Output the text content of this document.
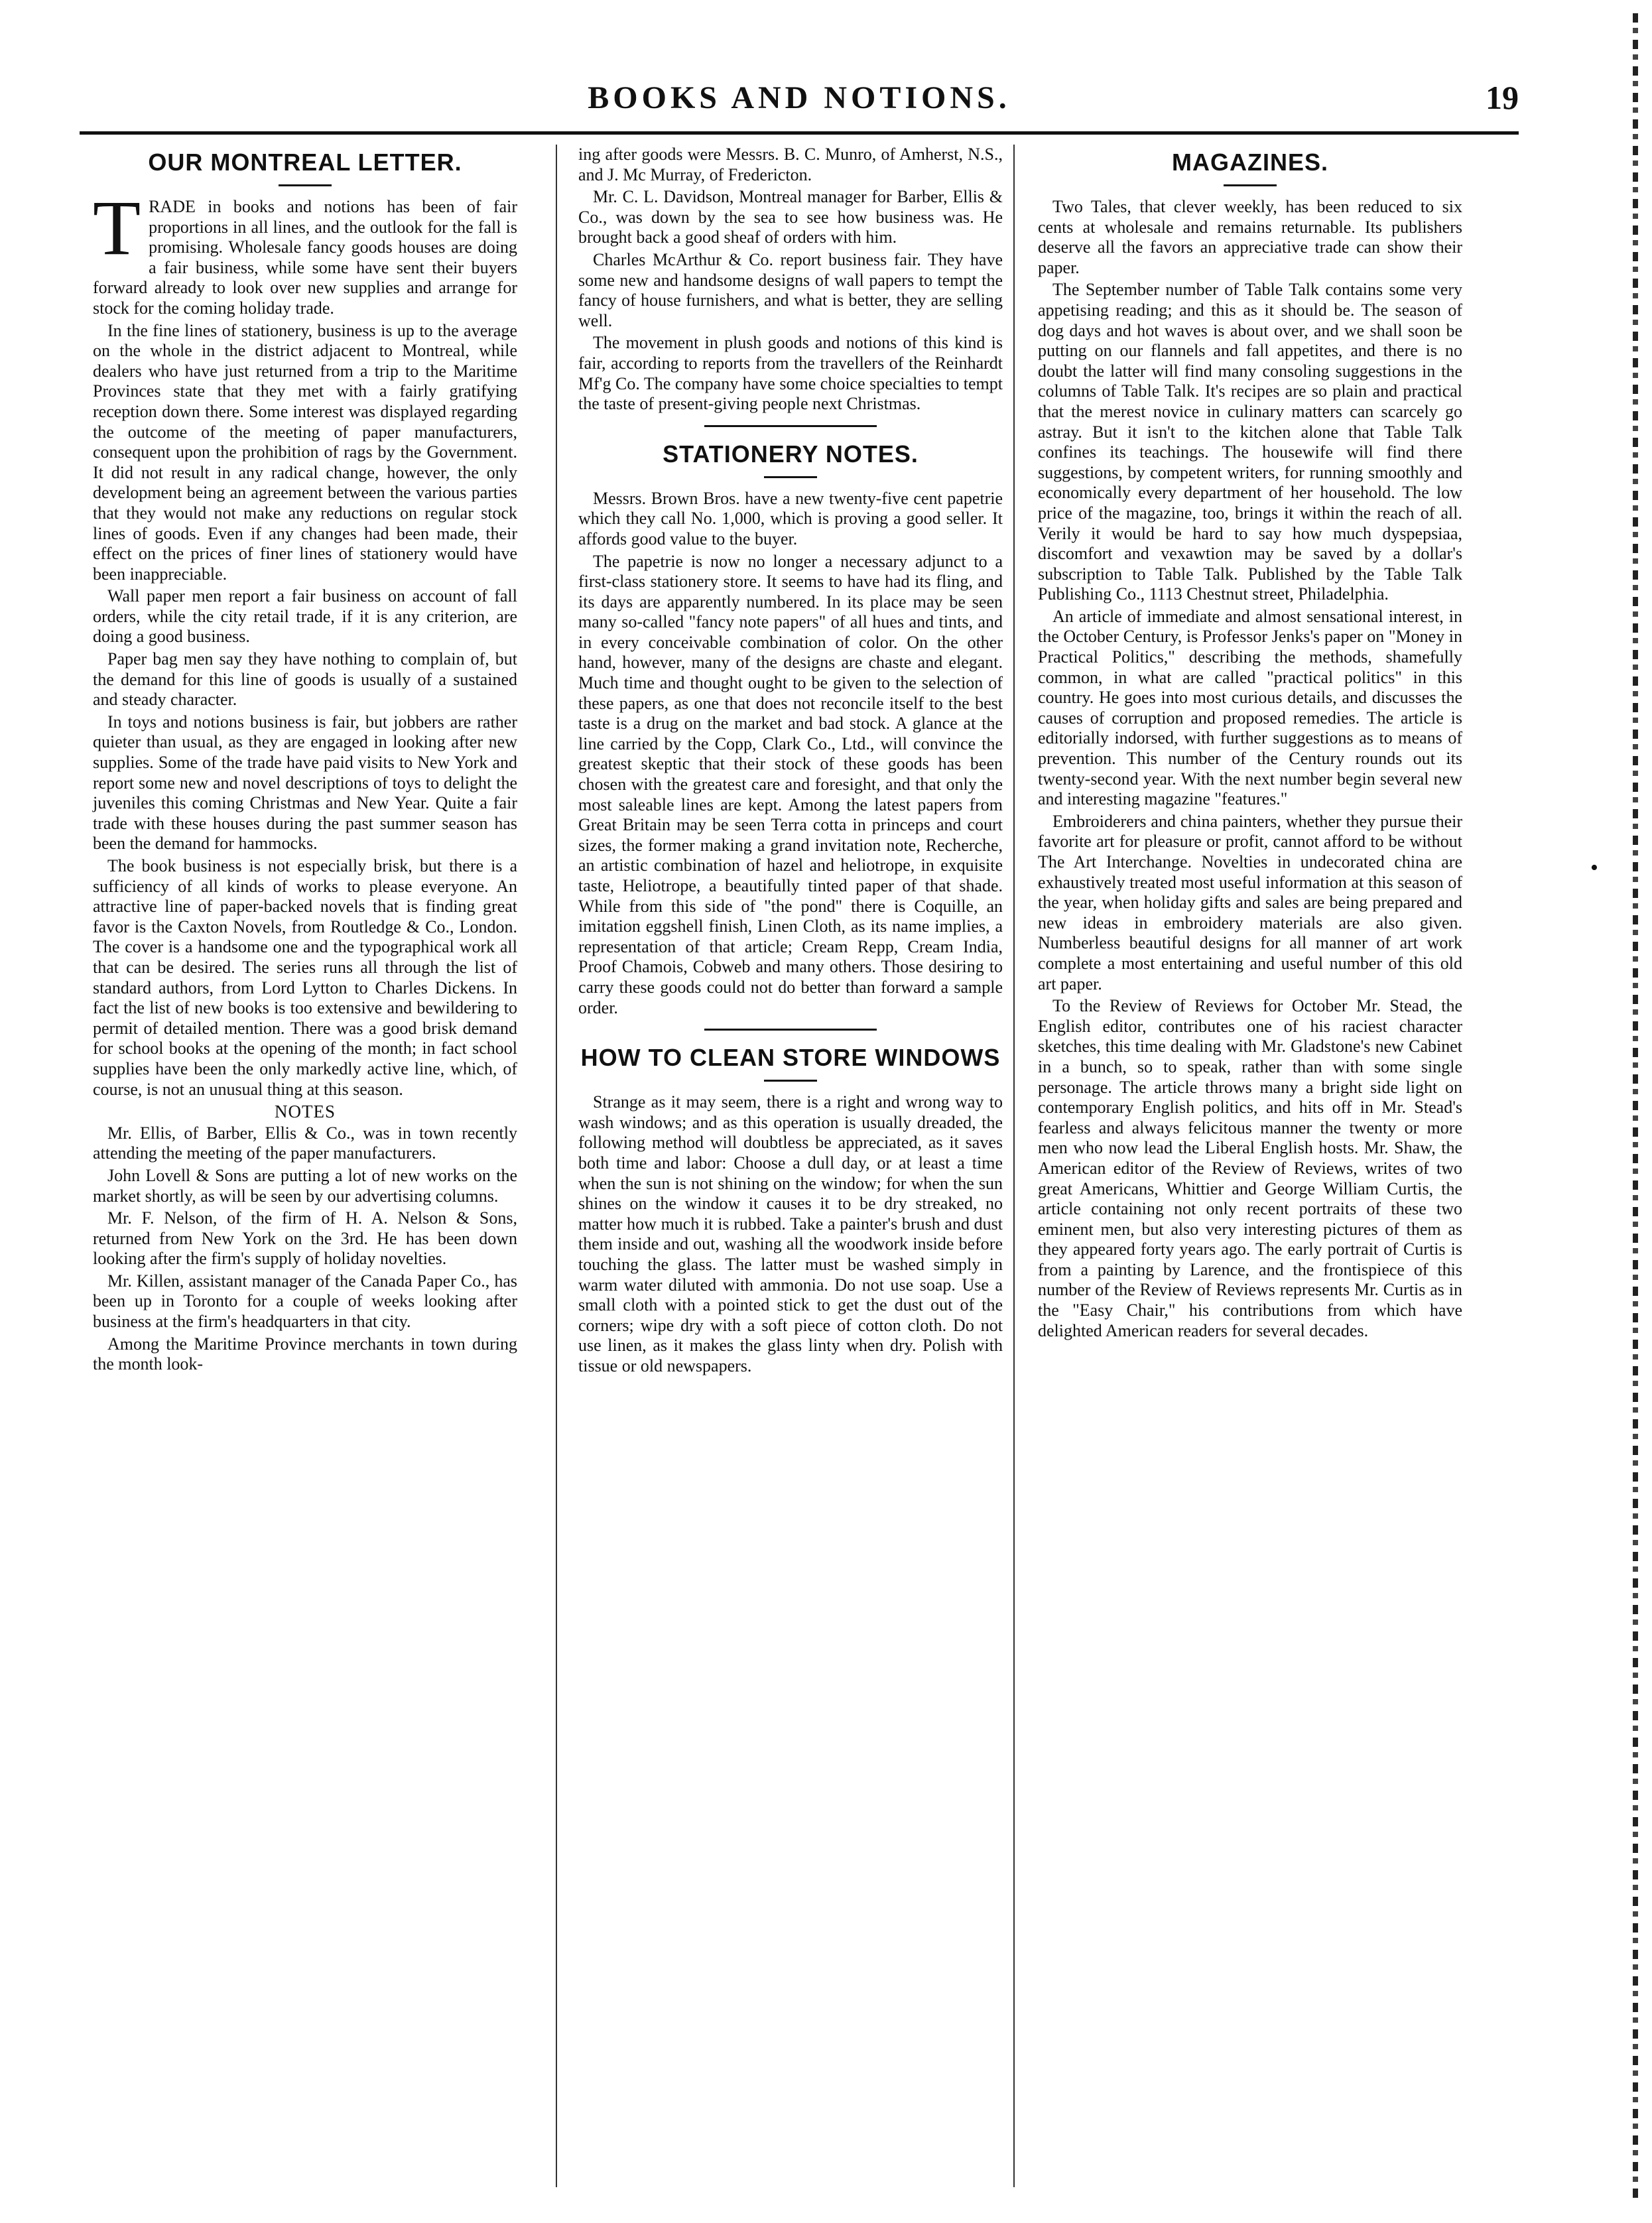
BOOKS AND NOTIONS.	19
•
OUR MONTREAL LETTER.

TRADE in books and notions has been of fair proportions in all lines, and the outlook for the fall is promising. Wholesale fancy goods houses are doing a fair business, while some have sent their buyers forward already to look over new supplies and arrange for stock for the coming holiday trade.

In the fine lines of stationery, business is up to the average on the whole in the district adjacent to Montreal, while dealers who have just returned from a trip to the Maritime Provinces state that they met with a fairly gratifying reception down there. Some interest was displayed regarding the outcome of the meeting of paper manufacturers, consequent upon the prohibition of rags by the Government. It did not result in any radical change, however, the only development being an agreement between the various parties that they would not make any reductions on regular stock lines of goods. Even if any changes had been made, their effect on the prices of finer lines of stationery would have been inappreciable.

Wall paper men report a fair business on account of fall orders, while the city retail trade, if it is any criterion, are doing a good business.

Paper bag men say they have nothing to complain of, but the demand for this line of goods is usually of a sustained and steady character.

In toys and notions business is fair, but jobbers are rather quieter than usual, as they are engaged in looking after new supplies. Some of the trade have paid visits to New York and report some new and novel descriptions of toys to delight the juveniles this coming Christmas and New Year. Quite a fair trade with these houses during the past summer season has been the demand for hammocks.

The book business is not especially brisk, but there is a sufficiency of all kinds of works to please everyone. An attractive line of paper-backed novels that is finding great favor is the Caxton Novels, from Routledge & Co., London. The cover is a handsome one and the typographical work all that can be desired. The series runs all through the list of standard authors, from Lord Lytton to Charles Dickens. In fact the list of new books is too extensive and bewildering to permit of detailed mention. There was a good brisk demand for school books at the opening of the month; in fact school supplies have been the only markedly active line, which, of course, is not an unusual thing at this season.

NOTES

Mr. Ellis, of Barber, Ellis & Co., was in town recently attending the meeting of the paper manufacturers.

John Lovell & Sons are putting a lot of new works on the market shortly, as will be seen by our advertising columns.

Mr. F. Nelson, of the firm of H. A. Nelson & Sons, returned from New York on the 3rd. He has been down looking after the firm's supply of holiday novelties.

Mr. Killen, assistant manager of the Canada Paper Co., has been up in Toronto for a couple of weeks looking after business at the firm's headquarters in that city.

Among the Maritime Province merchants in town during the month look-

ing after goods were Messrs. B. C. Munro, of Amherst, N.S., and J. Mc Murray, of Fredericton.

Mr. C. L. Davidson, Montreal manager for Barber, Ellis & Co., was down by the sea to see how business was. He brought back a good sheaf of orders with him.

Charles McArthur & Co. report business fair. They have some new and handsome designs of wall papers to tempt the fancy of house furnishers, and what is better, they are selling well.

The movement in plush goods and notions of this kind is fair, according to reports from the travellers of the Reinhardt Mf'g Co. The company have some choice specialties to tempt the taste of present-giving people next Christmas.

STATIONERY NOTES.

Messrs. Brown Bros. have a new twenty-five cent papetrie which they call No. 1,000, which is proving a good seller. It affords good value to the buyer.

The papetrie is now no longer a necessary adjunct to a first-class stationery store. It seems to have had its fling, and its days are apparently numbered. In its place may be seen many so-called "fancy note papers" of all hues and tints, and in every conceivable combination of color. On the other hand, however, many of the designs are chaste and elegant. Much time and thought ought to be given to the selection of these papers, as one that does not reconcile itself to the best taste is a drug on the market and bad stock. A glance at the line carried by the Copp, Clark Co., Ltd., will convince the greatest skeptic that their stock of these goods has been chosen with the greatest care and foresight, and that only the most saleable lines are kept. Among the latest papers from Great Britain may be seen Terra cotta in princeps and court sizes, the former making a grand invitation note, Recherche, an artistic combination of hazel and heliotrope, in exquisite taste, Heliotrope, a beautifully tinted paper of that shade. While from this side of "the pond" there is Coquille, an imitation eggshell finish, Linen Cloth, as its name implies, a representation of that article; Cream Repp, Cream India, Proof Chamois, Cobweb and many others. Those desiring to carry these goods could not do better than forward a sample order.

HOW TO CLEAN STORE WINDOWS

Strange as it may seem, there is a right and wrong way to wash windows; and as this operation is usually dreaded, the following method will doubtless be appreciated, as it saves both time and labor: Choose a dull day, or at least a time when the sun is not shining on the window; for when the sun shines on the window it causes it to be dry streaked, no matter how much it is rubbed. Take a painter's brush and dust them inside and out, washing all the woodwork inside before touching the glass. The latter must be washed simply in warm water diluted with ammonia. Do not use soap. Use a small cloth with a pointed stick to get the dust out of the corners; wipe dry with a soft piece of cotton cloth. Do not use linen, as it makes the glass linty when dry. Polish with tissue or old newspapers.

MAGAZINES.

Two Tales, that clever weekly, has been reduced to six cents at wholesale and remains returnable. Its publishers deserve all the favors an appreciative trade can show their paper.

The September number of Table Talk contains some very appetising reading; and this as it should be. The season of dog days and hot waves is about over, and we shall soon be putting on our flannels and fall appetites, and there is no doubt the latter will find many consoling suggestions in the columns of Table Talk. It's recipes are so plain and practical that the merest novice in culinary matters can scarcely go astray. But it isn't to the kitchen alone that Table Talk confines its teachings. The housewife will find there suggestions, by competent writers, for running smoothly and economically every department of her household. The low price of the magazine, too, brings it within the reach of all. Verily it would be hard to say how much dyspepsiaa, discomfort and vexawtion may be saved by a dollar's subscription to Table Talk. Published by the Table Talk Publishing Co., 1113 Chestnut street, Philadelphia.

An article of immediate and almost sensational interest, in the October Century, is Professor Jenks's paper on "Money in Practical Politics," describing the methods, shamefully common, in what are called "practical politics" in this country. He goes into most curious details, and discusses the causes of corruption and proposed remedies. The article is editorially indorsed, with further suggestions as to means of prevention. This number of the Century rounds out its twenty-second year. With the next number begin several new and interesting magazine "features."

Embroiderers and china painters, whether they pursue their favorite art for pleasure or profit, cannot afford to be without The Art Interchange. Novelties in undecorated china are exhaustively treated most useful information at this season of the year, when holiday gifts and sales are being prepared and new ideas in embroidery materials are also given. Numberless beautiful designs for all manner of art work complete a most entertaining and useful number of this old art paper.

To the Review of Reviews for October Mr. Stead, the English editor, contributes one of his raciest character sketches, this time dealing with Mr. Gladstone's new Cabinet in a bunch, so to speak, rather than with some single personage. The article throws many a bright side light on contemporary English politics, and hits off in Mr. Stead's fearless and always felicitous manner the twenty or more men who now lead the Liberal English hosts. Mr. Shaw, the American editor of the Review of Reviews, writes of two great Americans, Whittier and George William Curtis, the article containing not only recent portraits of these two eminent men, but also very interesting pictures of them as they appeared forty years ago. The early portrait of Curtis is from a painting by Larence, and the frontispiece of this number of the Review of Reviews represents Mr. Curtis as in the "Easy Chair," his contributions from which have delighted American readers for several decades.
